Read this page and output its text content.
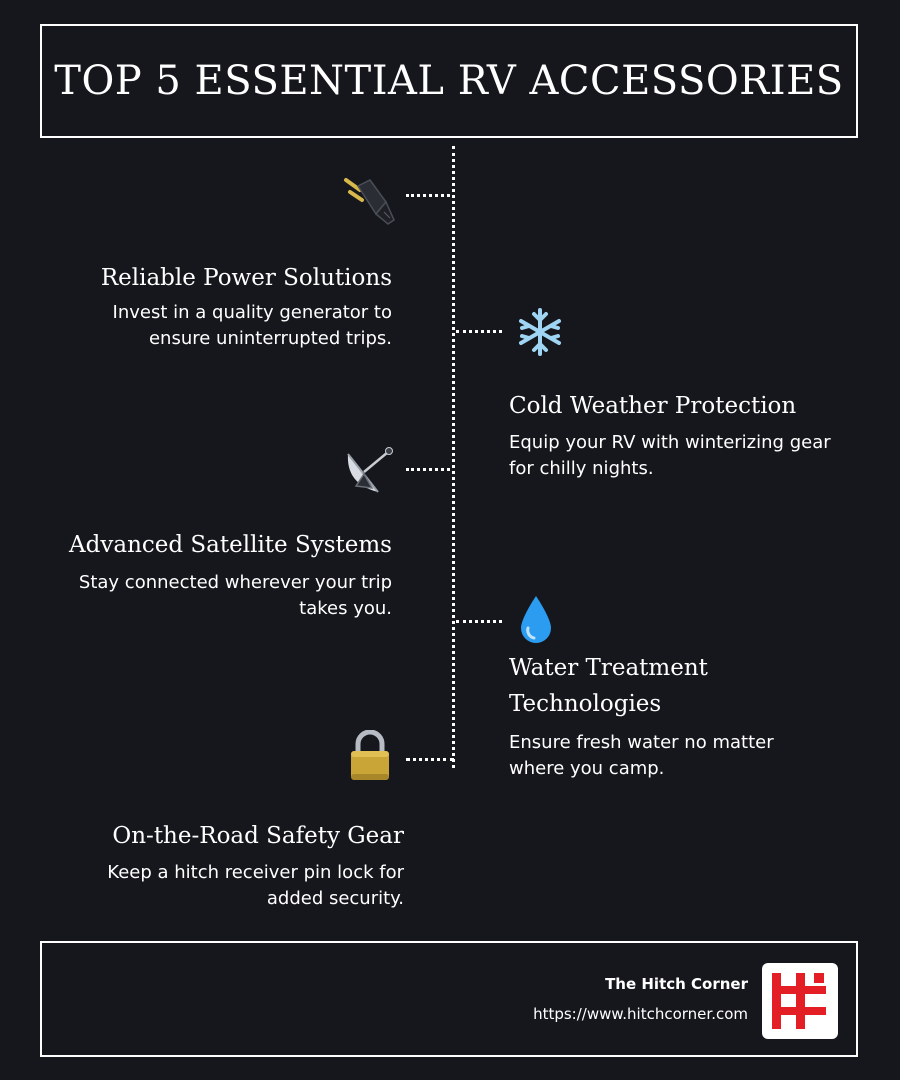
TOP 5 ESSENTIAL RV ACCESSORIES
Reliable Power Solutions
Invest in a quality generator to
ensure uninterrupted trips.
Cold Weather Protection
Equip your RV with winterizing gear
for chilly nights.
Advanced Satellite Systems
Stay connected wherever your trip
takes you.
Water Treatment
Technologies
Ensure fresh water no matter
where you camp.
On-the-Road Safety Gear
Keep a hitch receiver pin lock for
added security.
The Hitch Corner
https://www.hitchcorner.com
